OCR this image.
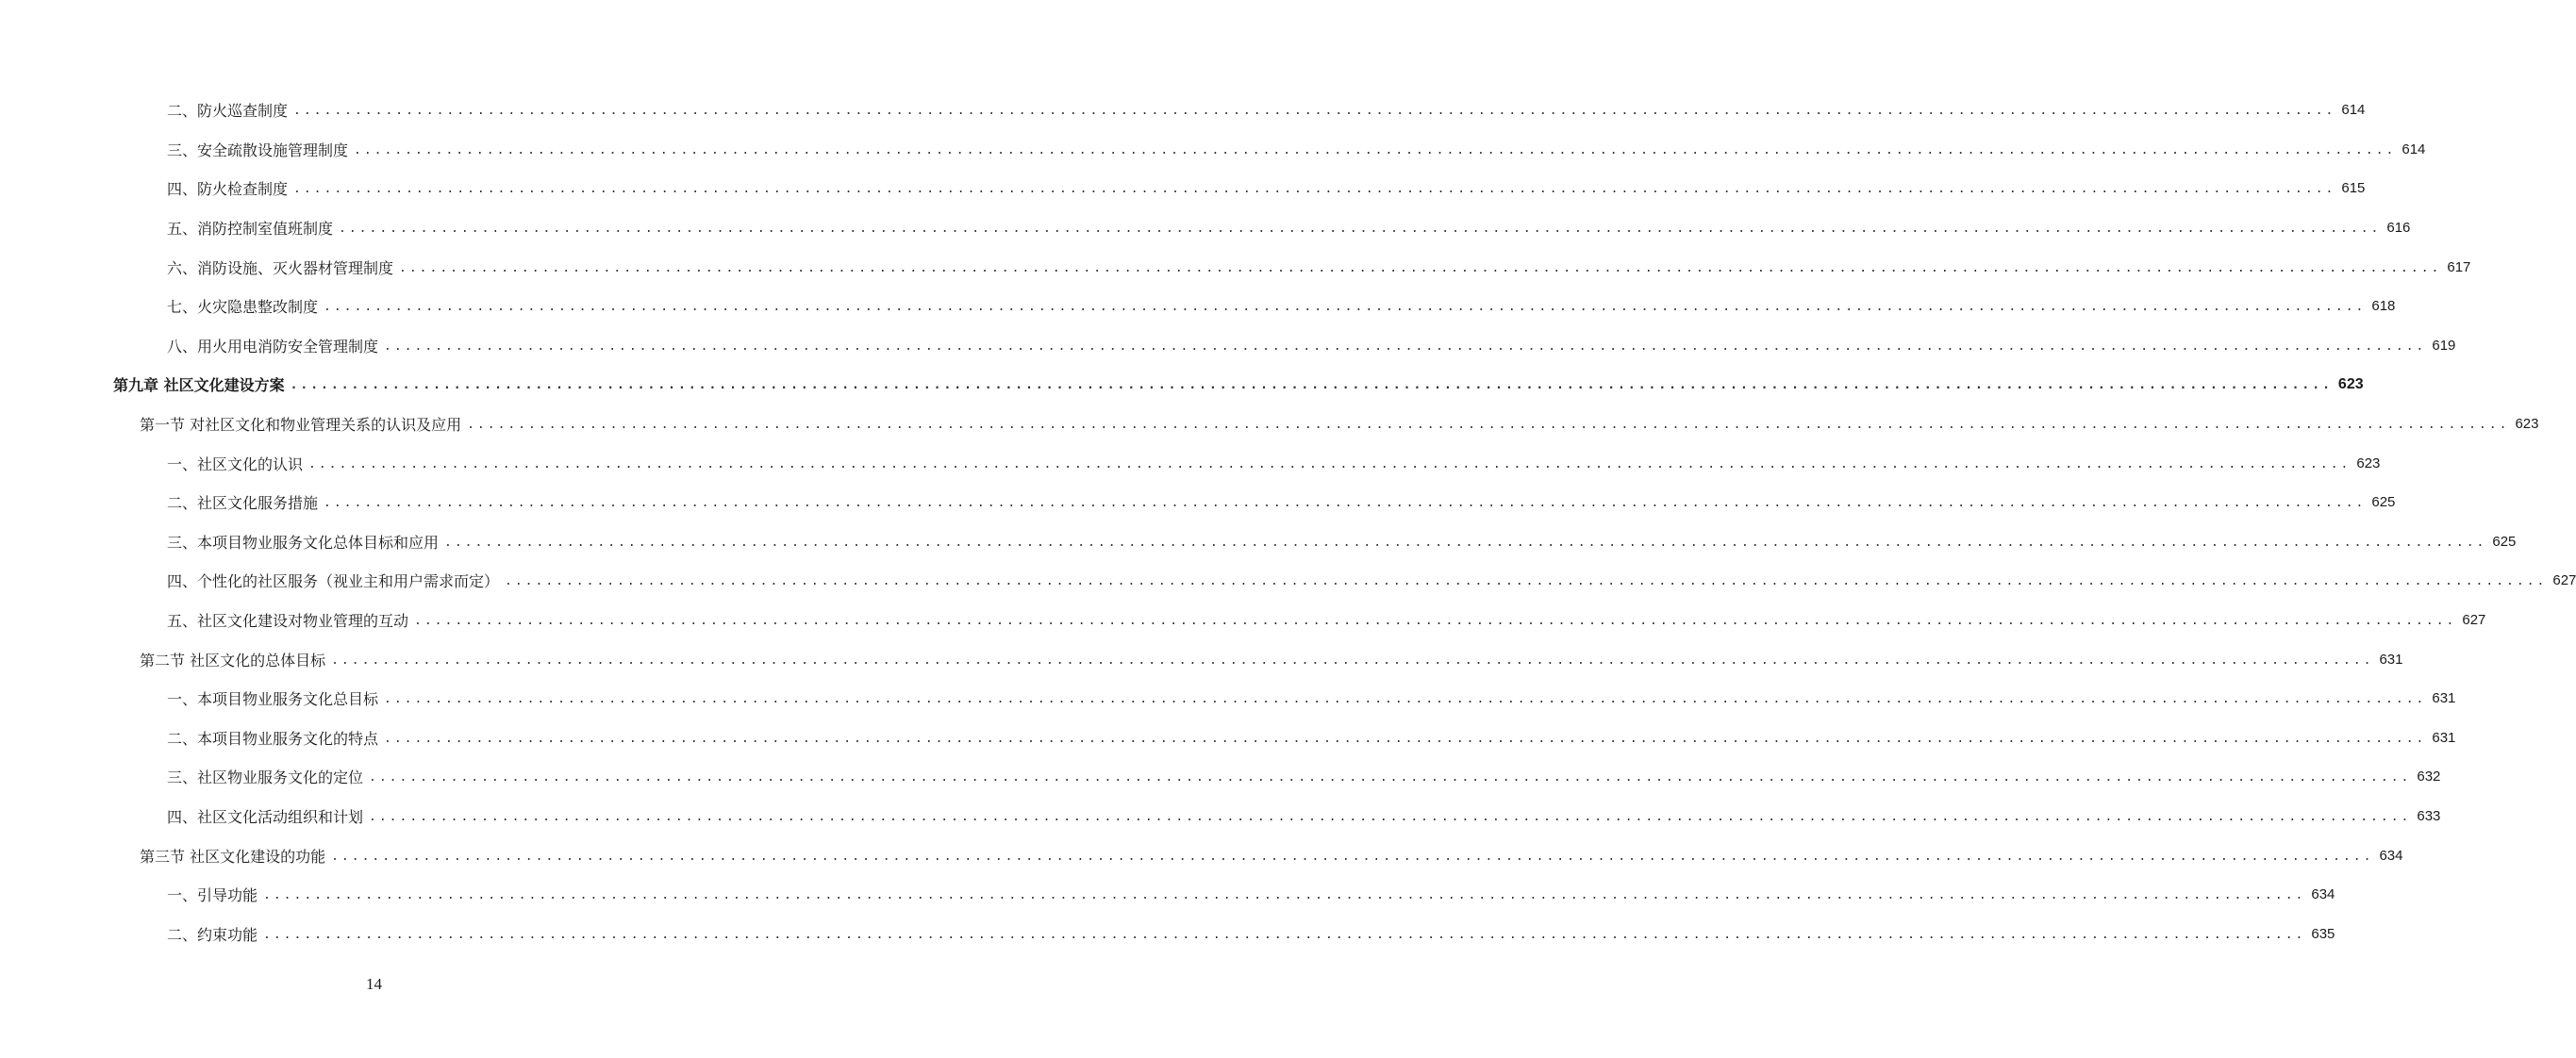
二、防火巡查制度 ........................................................................................................................................................................................................ 614
三、安全疏散设施管理制度 ........................................................................................................................................................................................................ 614
四、防火检查制度 ........................................................................................................................................................................................................ 615
五、消防控制室值班制度 ........................................................................................................................................................................................................ 616
六、消防设施、灭火器材管理制度 ........................................................................................................................................................................................................ 617
七、火灾隐患整改制度 ........................................................................................................................................................................................................ 618
八、用火用电消防安全管理制度 ........................................................................................................................................................................................................ 619
第九章 社区文化建设方案 ........................................................................................................................................................................................................ 623
第一节 对社区文化和物业管理关系的认识及应用 ........................................................................................................................................................................................................ 623
一、社区文化的认识 ........................................................................................................................................................................................................ 623
二、社区文化服务措施 ........................................................................................................................................................................................................ 625
三、本项目物业服务文化总体目标和应用 ........................................................................................................................................................................................................ 625
四、个性化的社区服务（视业主和用户需求而定） ........................................................................................................................................................................................................ 627
五、社区文化建设对物业管理的互动 ........................................................................................................................................................................................................ 627
第二节 社区文化的总体目标 ........................................................................................................................................................................................................ 631
一、本项目物业服务文化总目标 ........................................................................................................................................................................................................ 631
二、本项目物业服务文化的特点 ........................................................................................................................................................................................................ 631
三、社区物业服务文化的定位 ........................................................................................................................................................................................................ 632
四、社区文化活动组织和计划 ........................................................................................................................................................................................................ 633
第三节 社区文化建设的功能 ........................................................................................................................................................................................................ 634
一、引导功能 ........................................................................................................................................................................................................ 634
二、约束功能 ........................................................................................................................................................................................................ 635
14
